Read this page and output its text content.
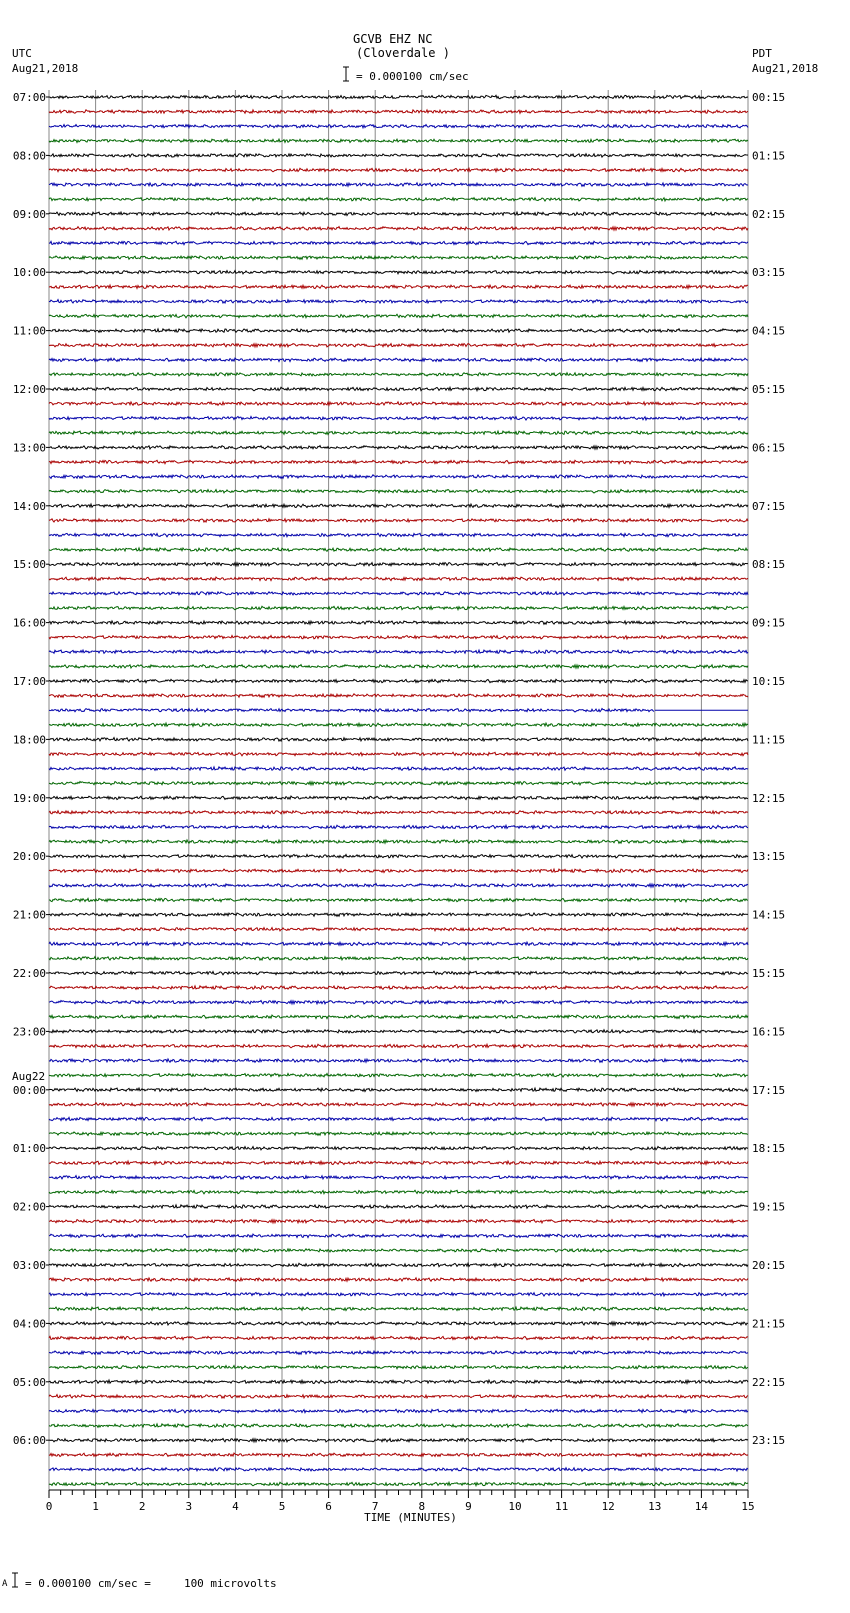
GCVB EHZ NC
(Cloverdale )
UTC
Aug21,2018
PDT
Aug21,2018
= 0.000100 cm/sec
A = 0.000100 cm/sec =     100 microvolts
07:00
08:00
09:00
10:00
11:00
12:00
13:00
14:00
15:00
16:00
17:00
18:00
19:00
20:00
21:00
22:00
23:00
00:00
01:00
02:00
03:00
04:00
05:00
06:00
00:15
01:15
02:15
03:15
04:15
05:15
06:15
07:15
08:15
09:15
10:15
11:15
12:15
13:15
14:15
15:15
16:15
17:15
18:15
19:15
20:15
21:15
22:15
23:15
Aug22
0	1	2	3	4	5	6	7	8	9	10	11	12	13	14	15
TIME (MINUTES)
